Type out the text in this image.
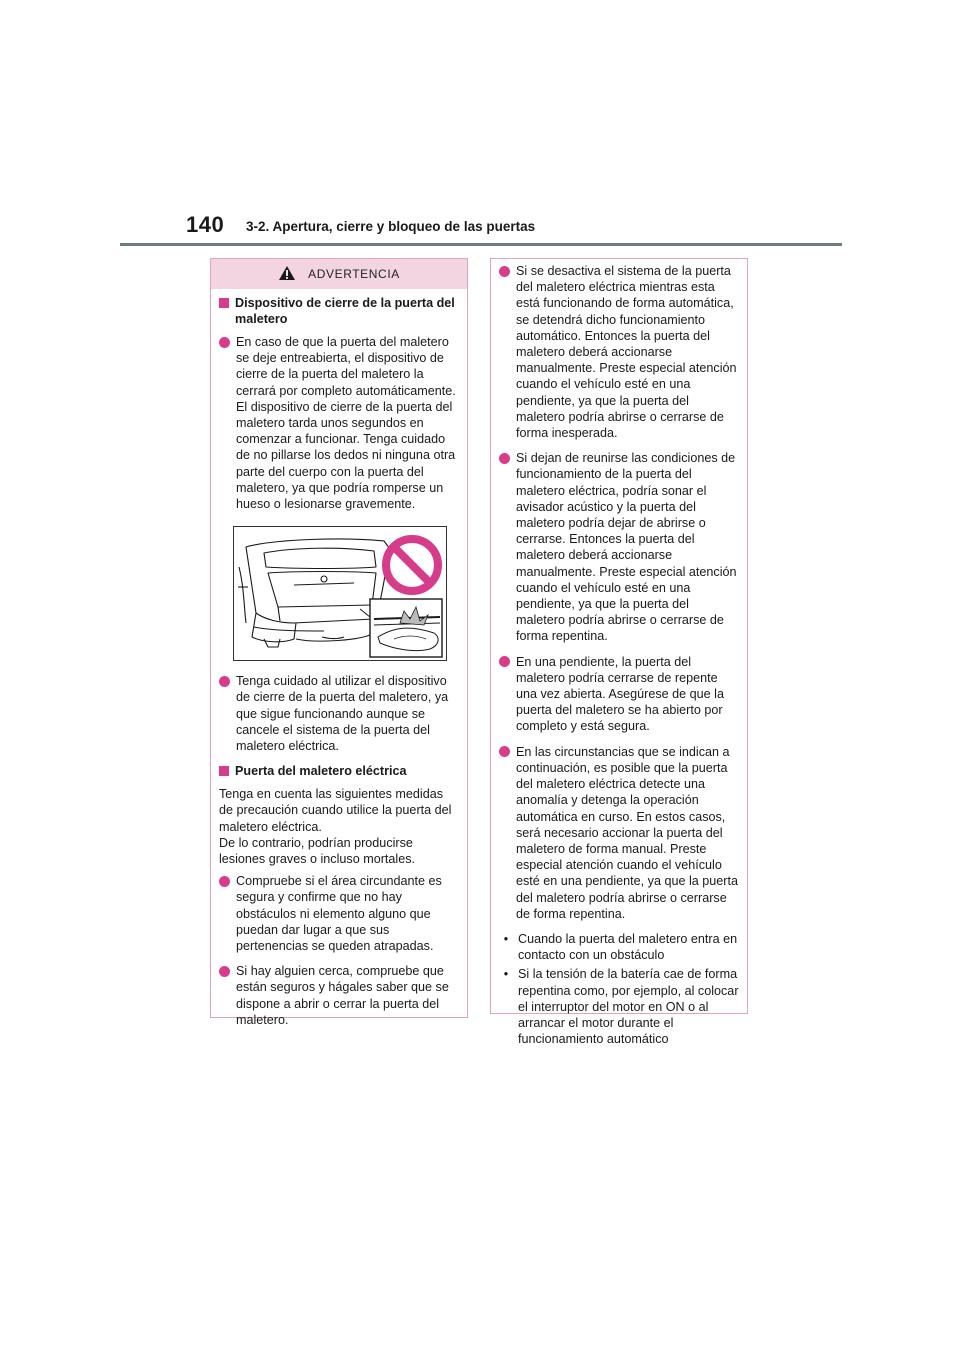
140 3-2. Apertura, cierre y bloqueo de las puertas
ADVERTENCIA
Dispositivo de cierre de la puerta del maletero

En caso de que la puerta del maletero se deje entreabierta, el dispositivo de cierre de la puerta del maletero la cerrará por completo automáticamente. El dispositivo de cierre de la puerta del maletero tarda unos segundos en comenzar a funcionar. Tenga cuidado de no pillarse los dedos ni ninguna otra parte del cuerpo con la puerta del maletero, ya que podría romperse un hueso o lesionarse gravemente.

Tenga cuidado al utilizar el dispositivo de cierre de la puerta del maletero, ya que sigue funcionando aunque se cancele el sistema de la puerta del maletero eléctrica.

Puerta del maletero eléctrica

Tenga en cuenta las siguientes medidas de precaución cuando utilice la puerta del maletero eléctrica.
De lo contrario, podrían producirse lesiones graves o incluso mortales.

Compruebe si el área circundante es segura y confirme que no hay obstáculos ni elemento alguno que puedan dar lugar a que sus pertenencias se queden atrapadas.

Si hay alguien cerca, compruebe que están seguros y hágales saber que se dispone a abrir o cerrar la puerta del maletero.

Si se desactiva el sistema de la puerta del maletero eléctrica mientras esta está funcionando de forma automática, se detendrá dicho funcionamiento automático. Entonces la puerta del maletero deberá accionarse manualmente. Preste especial atención cuando el vehículo esté en una pendiente, ya que la puerta del maletero podría abrirse o cerrarse de forma inesperada.

Si dejan de reunirse las condiciones de funcionamiento de la puerta del maletero eléctrica, podría sonar el avisador acústico y la puerta del maletero podría dejar de abrirse o cerrarse. Entonces la puerta del maletero deberá accionarse manualmente. Preste especial atención cuando el vehículo esté en una pendiente, ya que la puerta del maletero podría abrirse o cerrarse de forma repentina.

En una pendiente, la puerta del maletero podría cerrarse de repente una vez abierta. Asegúrese de que la puerta del maletero se ha abierto por completo y está segura.

En las circunstancias que se indican a continuación, es posible que la puerta del maletero eléctrica detecte una anomalía y detenga la operación automática en curso. En estos casos, será necesario accionar la puerta del maletero de forma manual. Preste especial atención cuando el vehículo esté en una pendiente, ya que la puerta del maletero podría abrirse o cerrarse de forma repentina.

• Cuando la puerta del maletero entra en contacto con un obstáculo

• Si la tensión de la batería cae de forma repentina como, por ejemplo, al colocar el interruptor del motor en ON o al arrancar el motor durante el funcionamiento automático
